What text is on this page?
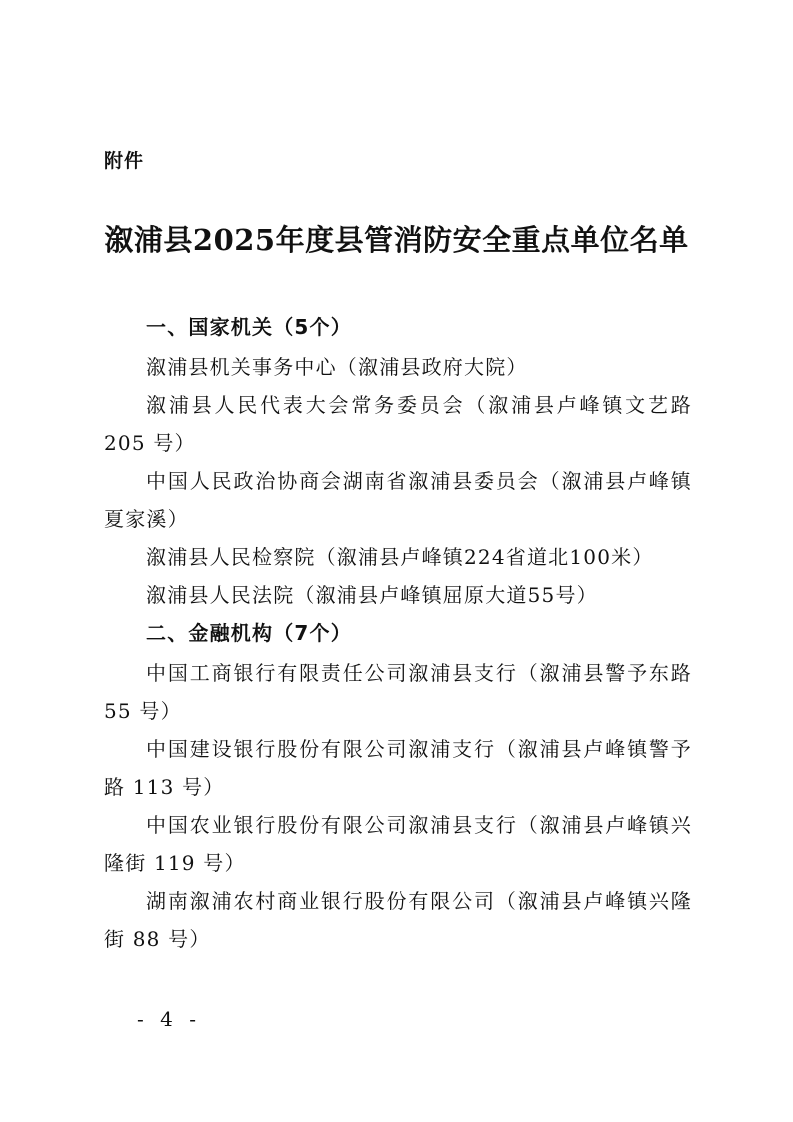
附件
溆浦县2025年度县管消防安全重点单位名单
一、国家机关（5个）
溆浦县机关事务中心（溆浦县政府大院）
溆浦县人民代表大会常务委员会（溆浦县卢峰镇文艺路 205 号）
中国人民政治协商会湖南省溆浦县委员会（溆浦县卢峰镇夏家溪）
溆浦县人民检察院（溆浦县卢峰镇224省道北100米）
溆浦县人民法院（溆浦县卢峰镇屈原大道55号）
二、金融机构（7个）
中国工商银行有限责任公司溆浦县支行（溆浦县警予东路 55 号）
中国建设银行股份有限公司溆浦支行（溆浦县卢峰镇警予路 113 号）
中国农业银行股份有限公司溆浦县支行（溆浦县卢峰镇兴隆街 119 号）
湖南溆浦农村商业银行股份有限公司（溆浦县卢峰镇兴隆街 88 号）
- 4 -
